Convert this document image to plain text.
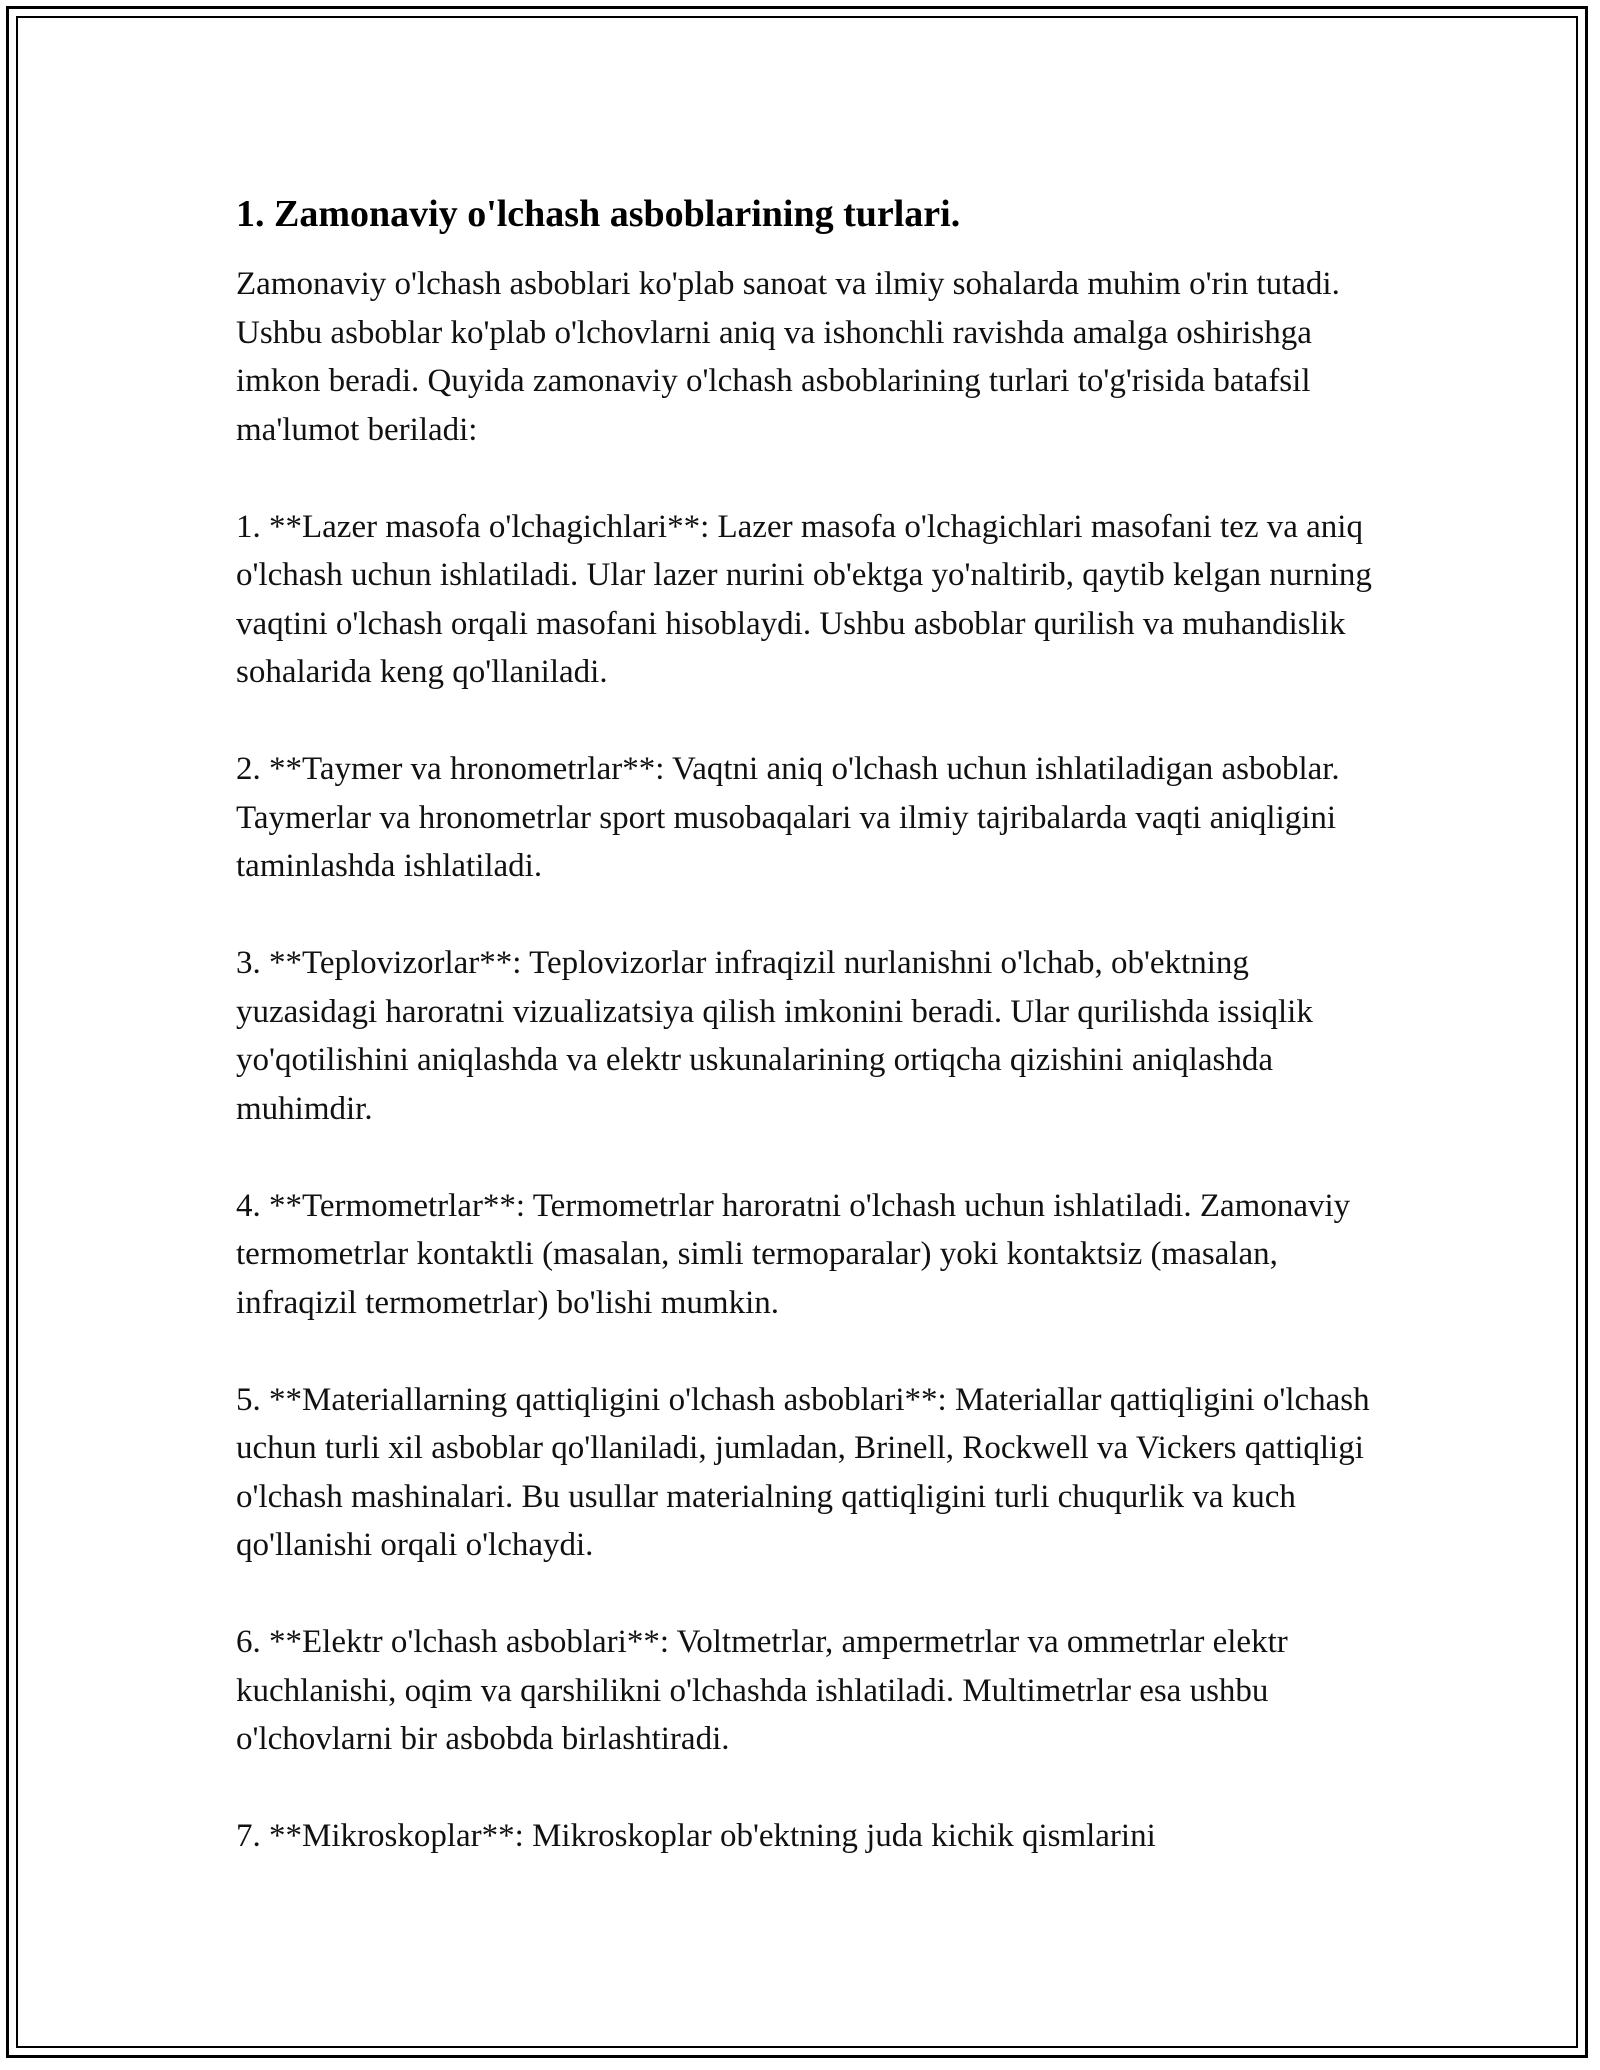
1. Zamonaviy o'lchash asboblarining turlari.

Zamonaviy o'lchash asboblari ko'plab sanoat va ilmiy sohalarda muhim o'rin tutadi. Ushbu asboblar ko'plab o'lchovlarni aniq va ishonchli ravishda amalga oshirishga imkon beradi. Quyida zamonaviy o'lchash asboblarining turlari to'g'risida batafsil ma'lumot beriladi:

1. **Lazer masofa o'lchagichlari**: Lazer masofa o'lchagichlari masofani tez va aniq o'lchash uchun ishlatiladi. Ular lazer nurini ob'ektga yo'naltirib, qaytib kelgan nurning vaqtini o'lchash orqali masofani hisoblaydi. Ushbu asboblar qurilish va muhandislik sohalarida keng qo'llaniladi.

2. **Taymer va hronometrlar**: Vaqtni aniq o'lchash uchun ishlatiladigan asboblar. Taymerlar va hronometrlar sport musobaqalari va ilmiy tajribalarda vaqti aniqligini taminlashda ishlatiladi.

3. **Teplovizorlar**: Teplovizorlar infraqizil nurlanishni o'lchab, ob'ektning yuzasidagi haroratni vizualizatsiya qilish imkonini beradi. Ular qurilishda issiqlik yo'qotilishini aniqlashda va elektr uskunalarining ortiqcha qizishini aniqlashda muhimdir.

4. **Termometrlar**: Termometrlar haroratni o'lchash uchun ishlatiladi. Zamonaviy termometrlar kontaktli (masalan, simli termoparalar) yoki kontaktsiz (masalan, infraqizil termometrlar) bo'lishi mumkin.

5. **Materiallarning qattiqligini o'lchash asboblari**: Materiallar qattiqligini o'lchash uchun turli xil asboblar qo'llaniladi, jumladan, Brinell, Rockwell va Vickers qattiqligi o'lchash mashinalari. Bu usullar materialning qattiqligini turli chuqurlik va kuch qo'llanishi orqali o'lchaydi.

6. **Elektr o'lchash asboblari**: Voltmetrlar, ampermetrlar va ommetrlar elektr kuchlanishi, oqim va qarshilikni o'lchashda ishlatiladi. Multimetrlar esa ushbu o'lchovlarni bir asbobda birlashtiradi.

7. **Mikroskoplar**: Mikroskoplar ob'ektning juda kichik qismlarini
